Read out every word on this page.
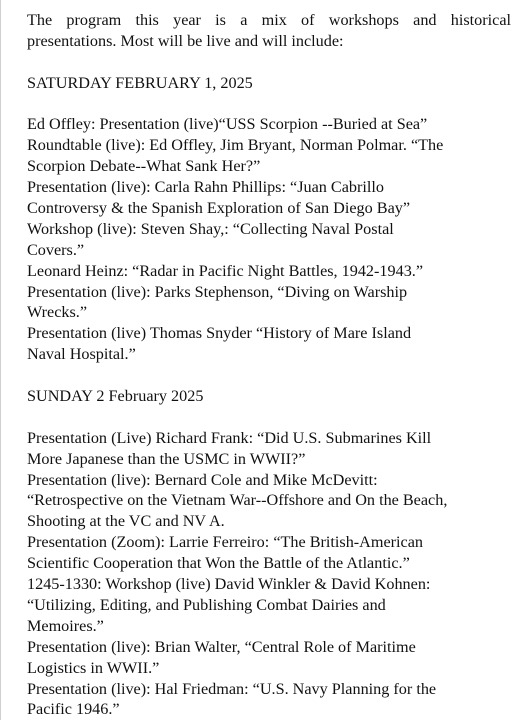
The program this year is a mix of workshops and historical
presentations. Most will be live and will include:
SATURDAY FEBRUARY 1, 2025
Ed Offley: Presentation (live)“USS Scorpion --Buried at Sea”
Roundtable (live): Ed Offley, Jim Bryant, Norman Polmar. “The
Scorpion Debate--What Sank Her?”
Presentation (live): Carla Rahn Phillips: “Juan Cabrillo
Controversy & the Spanish Exploration of San Diego Bay”
Workshop (live): Steven Shay,: “Collecting Naval Postal
Covers.”
Leonard Heinz: “Radar in Pacific Night Battles, 1942-1943.”
Presentation (live): Parks Stephenson, “Diving on Warship
Wrecks.”
Presentation (live) Thomas Snyder “History of Mare Island
Naval Hospital.”
SUNDAY 2 February 2025
Presentation (Live) Richard Frank: “Did U.S. Submarines Kill
More Japanese than the USMC in WWII?”
Presentation (live): Bernard Cole and Mike McDevitt:
“Retrospective on the Vietnam War--Offshore and On the Beach,
Shooting at the VC and NV A.
Presentation (Zoom): Larrie Ferreiro: “The British-American
Scientific Cooperation that Won the Battle of the Atlantic.”
1245-1330: Workshop (live) David Winkler & David Kohnen:
“Utilizing, Editing, and Publishing Combat Dairies and
Memoires.”
Presentation (live): Brian Walter, “Central Role of Maritime
Logistics in WWII.”
Presentation (live): Hal Friedman: “U.S. Navy Planning for the
Pacific 1946.”
